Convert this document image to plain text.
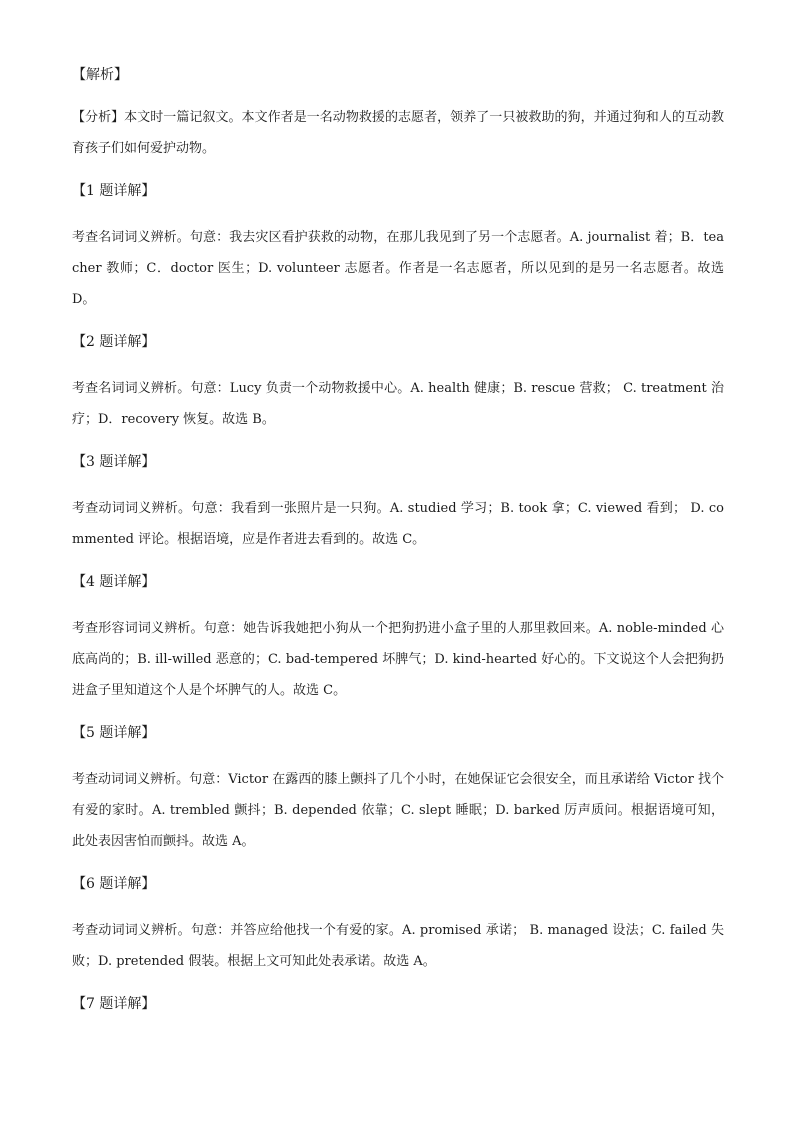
【解析】
【分析】本文时一篇记叙文。本文作者是一名动物救援的志愿者，领养了一只被救助的狗，并通过狗和人的互动教育孩子们如何爱护动物。
【1 题详解】
考查名词词义辨析。句意：我去灾区看护获救的动物，在那儿我见到了另一个志愿者。A. journalist 着；B．teacher 教师；C．doctor 医生；D. volunteer 志愿者。作者是一名志愿者，所以见到的是另一名志愿者。故选 D。
【2 题详解】
考查名词词义辨析。句意：Lucy 负责一个动物救援中心。A. health 健康；B. rescue 营救； C. treatment 治疗；D．recovery 恢复。故选 B。
【3 题详解】
考查动词词义辨析。句意：我看到一张照片是一只狗。A. studied 学习；B. took 拿；C. viewed 看到； D. commented 评论。根据语境，应是作者进去看到的。故选 C。
【4 题详解】
考查形容词词义辨析。句意：她告诉我她把小狗从一个把狗扔进小盒子里的人那里救回来。A. noble-minded 心底高尚的；B. ill-willed 恶意的；C. bad-tempered 坏脾气；D. kind-hearted 好心的。下文说这个人会把狗扔进盒子里知道这个人是个坏脾气的人。故选 C。
【5 题详解】
考查动词词义辨析。句意：Victor 在露西的膝上颤抖了几个小时，在她保证它会很安全，而且承诺给 Victor 找个有爱的家时。A. trembled 颤抖；B. depended 依靠；C. slept 睡眠；D. barked 厉声质问。根据语境可知，此处表因害怕而颤抖。故选 A。
【6 题详解】
考查动词词义辨析。句意：并答应给他找一个有爱的家。A. promised 承诺； B. managed 设法；C. failed 失败；D. pretended 假装。根据上文可知此处表承诺。故选 A。
【7 题详解】
